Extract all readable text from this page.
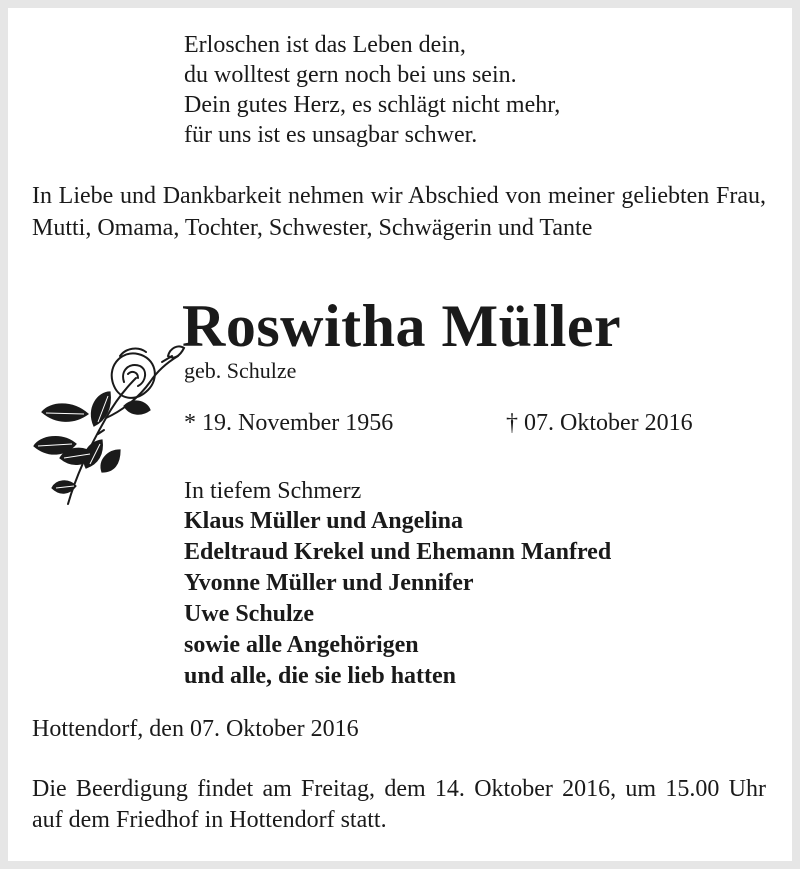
Erloschen ist das Leben dein,
du wolltest gern noch bei uns sein.
Dein gutes Herz, es schlägt nicht mehr,
für uns ist es unsagbar schwer.
In Liebe und Dankbarkeit nehmen wir Abschied von meiner geliebten Frau, Mutti, Omama, Tochter, Schwester, Schwägerin und Tante
Roswitha Müller
geb. Schulze
* 19. November 1956	† 07. Oktober 2016
In tiefem Schmerz
Klaus Müller und Angelina
Edeltraud Krekel und Ehemann Manfred
Yvonne Müller und Jennifer
Uwe Schulze
sowie alle Angehörigen
und alle, die sie lieb hatten
Hottendorf, den 07. Oktober 2016
Die Beerdigung findet am Freitag, dem 14. Oktober 2016, um 15.00 Uhr auf dem Friedhof in Hottendorf statt.
